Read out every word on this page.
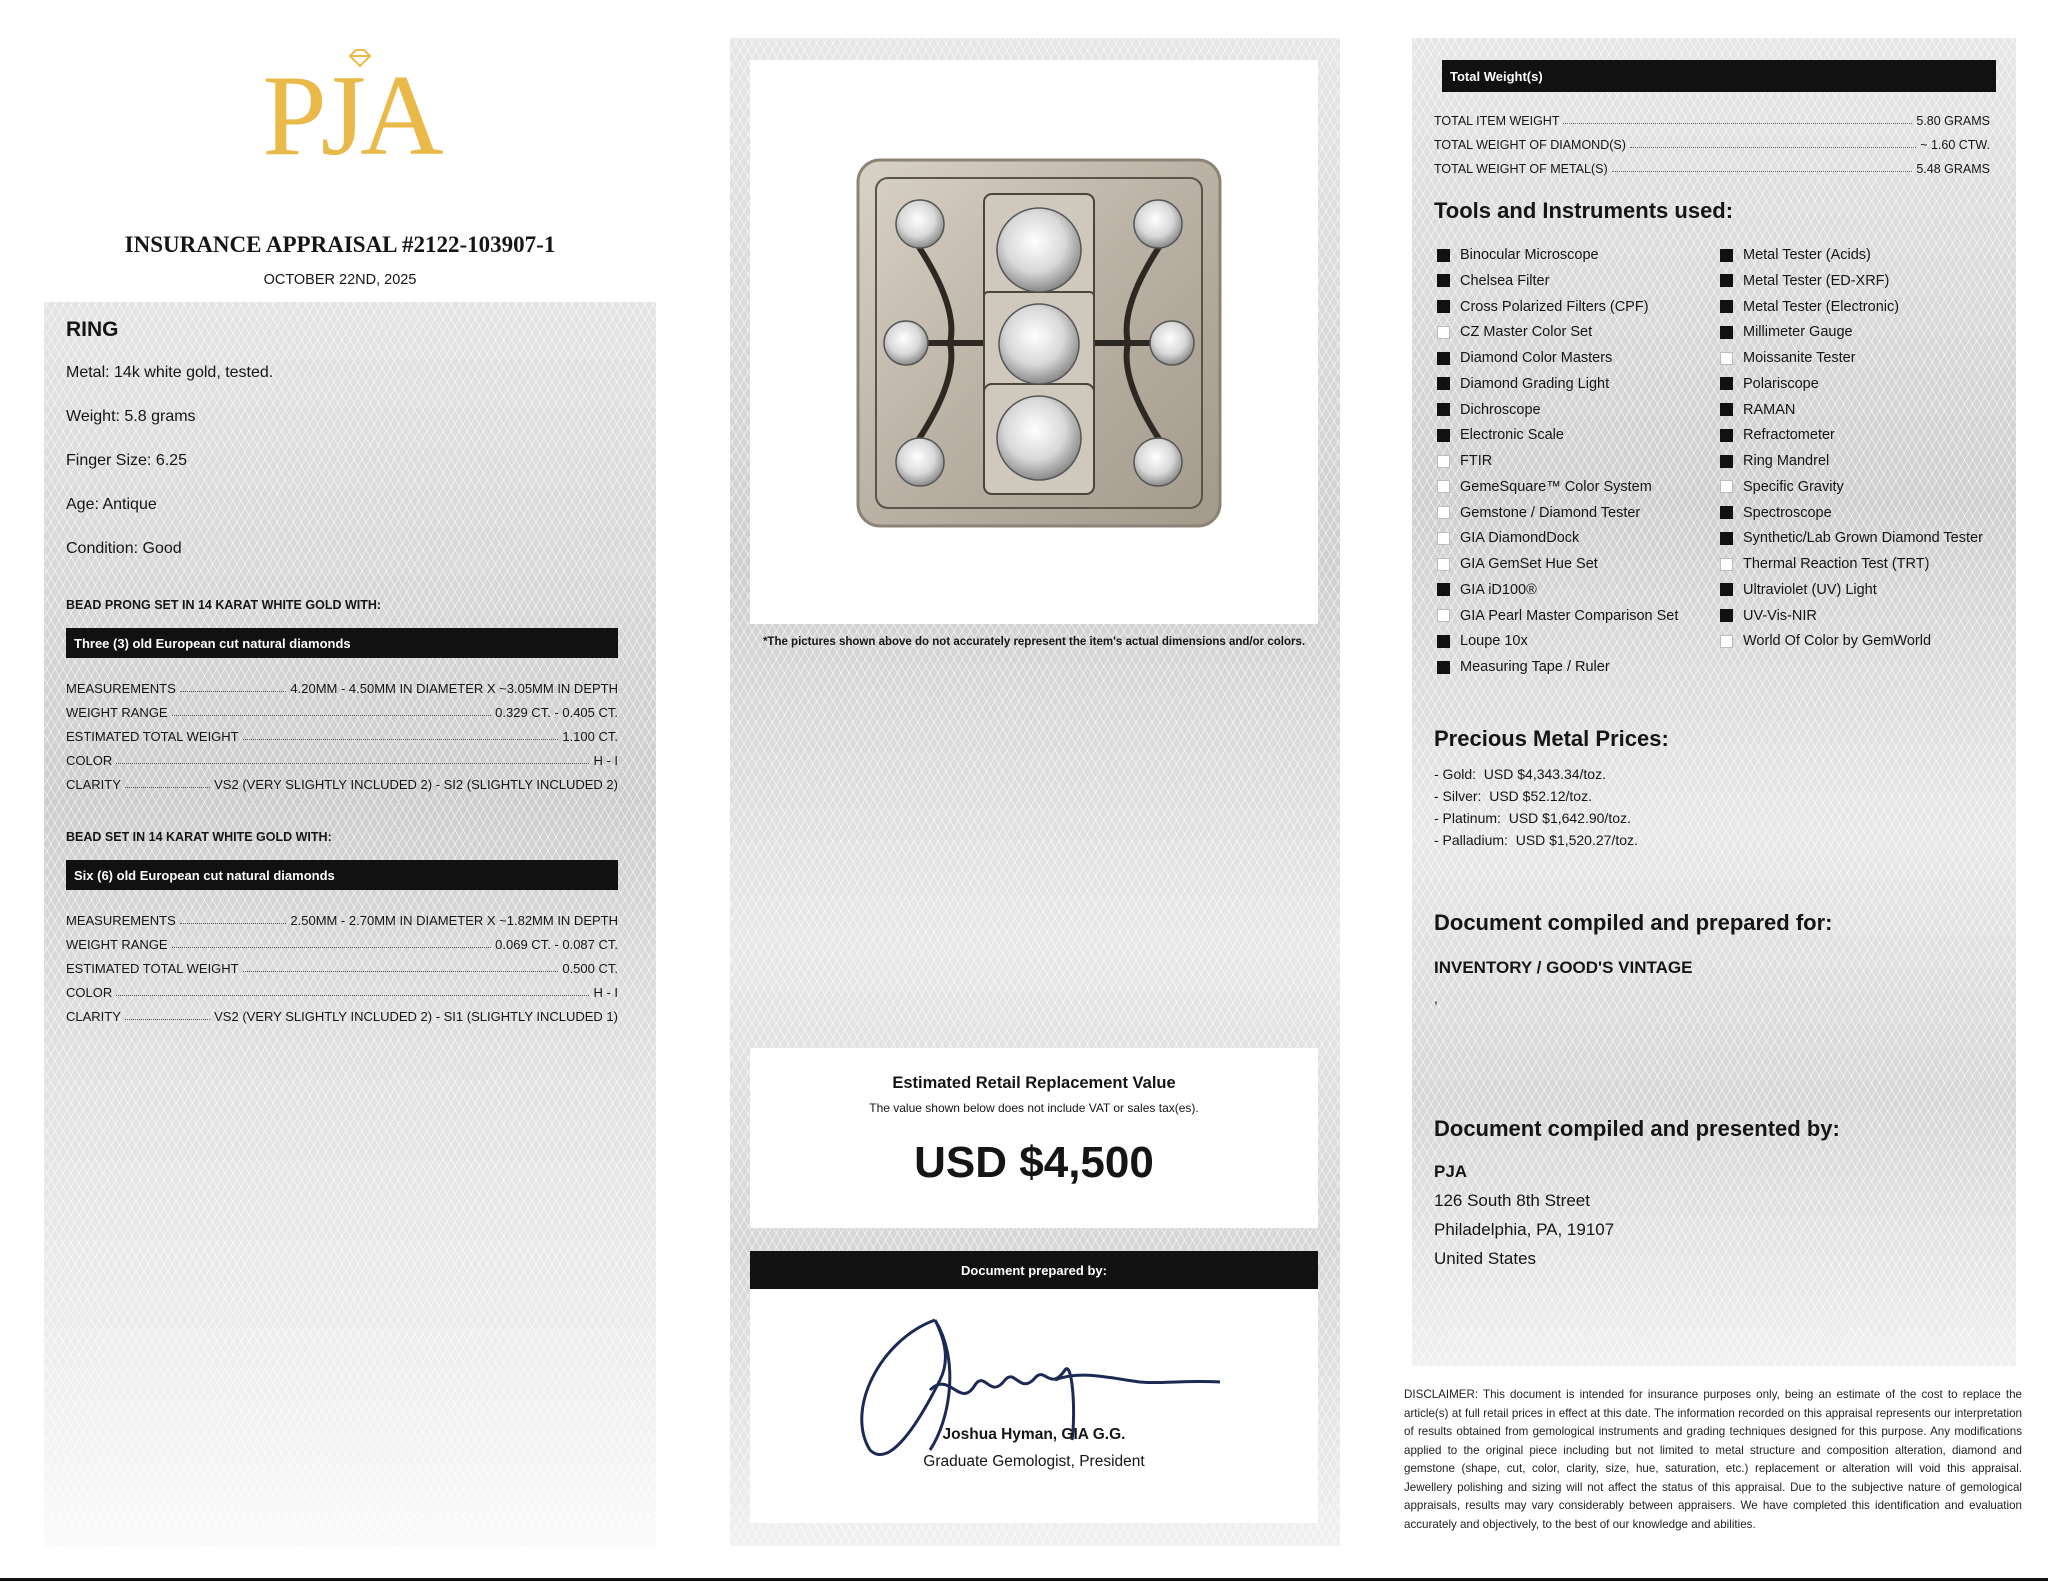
PJA
INSURANCE APPRAISAL #2122-103907-1
OCTOBER 22ND, 2025
RING
Metal: 14k white gold, tested.
Weight: 5.8 grams
Finger Size: 6.25
Age: Antique
Condition: Good
BEAD PRONG SET IN 14 KARAT WHITE GOLD WITH:
Three (3) old European cut natural diamonds
MEASUREMENTS	4.20MM - 4.50MM IN DIAMETER X ~3.05MM IN DEPTH
WEIGHT RANGE	0.329 CT. - 0.405 CT.
ESTIMATED TOTAL WEIGHT	1.100 CT.
COLOR	H - I
CLARITY	VS2 (VERY SLIGHTLY INCLUDED 2) - SI2 (SLIGHTLY INCLUDED 2)
BEAD SET IN 14 KARAT WHITE GOLD WITH:
Six (6) old European cut natural diamonds
MEASUREMENTS	2.50MM - 2.70MM IN DIAMETER X ~1.82MM IN DEPTH
WEIGHT RANGE	0.069 CT. - 0.087 CT.
ESTIMATED TOTAL WEIGHT	0.500 CT.
COLOR	H - I
CLARITY	VS2 (VERY SLIGHTLY INCLUDED 2) - SI1 (SLIGHTLY INCLUDED 1)
*The pictures shown above do not accurately represent the item's actual dimensions and/or colors.
Estimated Retail Replacement Value
The value shown below does not include VAT or sales tax(es).
USD $4,500
Document prepared by:
Joshua Hyman, GIA G.G.
Graduate Gemologist, President
Total Weight(s)
TOTAL ITEM WEIGHT	5.80 GRAMS
TOTAL WEIGHT OF DIAMOND(S)	~ 1.60 CTW.
TOTAL WEIGHT OF METAL(S)	5.48 GRAMS
Tools and Instruments used:
Binocular Microscope
Chelsea Filter
Cross Polarized Filters (CPF)
CZ Master Color Set
Diamond Color Masters
Diamond Grading Light
Dichroscope
Electronic Scale
FTIR
GemeSquare™ Color System
Gemstone / Diamond Tester
GIA DiamondDock
GIA GemSet Hue Set
GIA iD100®
GIA Pearl Master Comparison Set
Loupe 10x
Measuring Tape / Ruler
Metal Tester (Acids)
Metal Tester (ED-XRF)
Metal Tester (Electronic)
Millimeter Gauge
Moissanite Tester
Polariscope
RAMAN
Refractometer
Ring Mandrel
Specific Gravity
Spectroscope
Synthetic/Lab Grown Diamond Tester
Thermal Reaction Test (TRT)
Ultraviolet (UV) Light
UV-Vis-NIR
World Of Color by GemWorld
Precious Metal Prices:
- Gold: USD $4,343.34/toz.
- Silver: USD $52.12/toz.
- Platinum: USD $1,642.90/toz.
- Palladium: USD $1,520.27/toz.
Document compiled and prepared for:
INVENTORY / GOOD'S VINTAGE
,
Document compiled and presented by:
PJA
126 South 8th Street
Philadelphia, PA, 19107
United States
DISCLAIMER: This document is intended for insurance purposes only, being an estimate of the cost to replace the article(s) at full retail prices in effect at this date. The information recorded on this appraisal represents our interpretation of results obtained from gemological instruments and grading techniques designed for this purpose. Any modifications applied to the original piece including but not limited to metal structure and composition alteration, diamond and gemstone (shape, cut, color, clarity, size, hue, saturation, etc.) replacement or alteration will void this appraisal. Jewellery polishing and sizing will not affect the status of this appraisal. Due to the subjective nature of gemological appraisals, results may vary considerably between appraisers. We have completed this identification and evaluation accurately and objectively, to the best of our knowledge and abilities.
